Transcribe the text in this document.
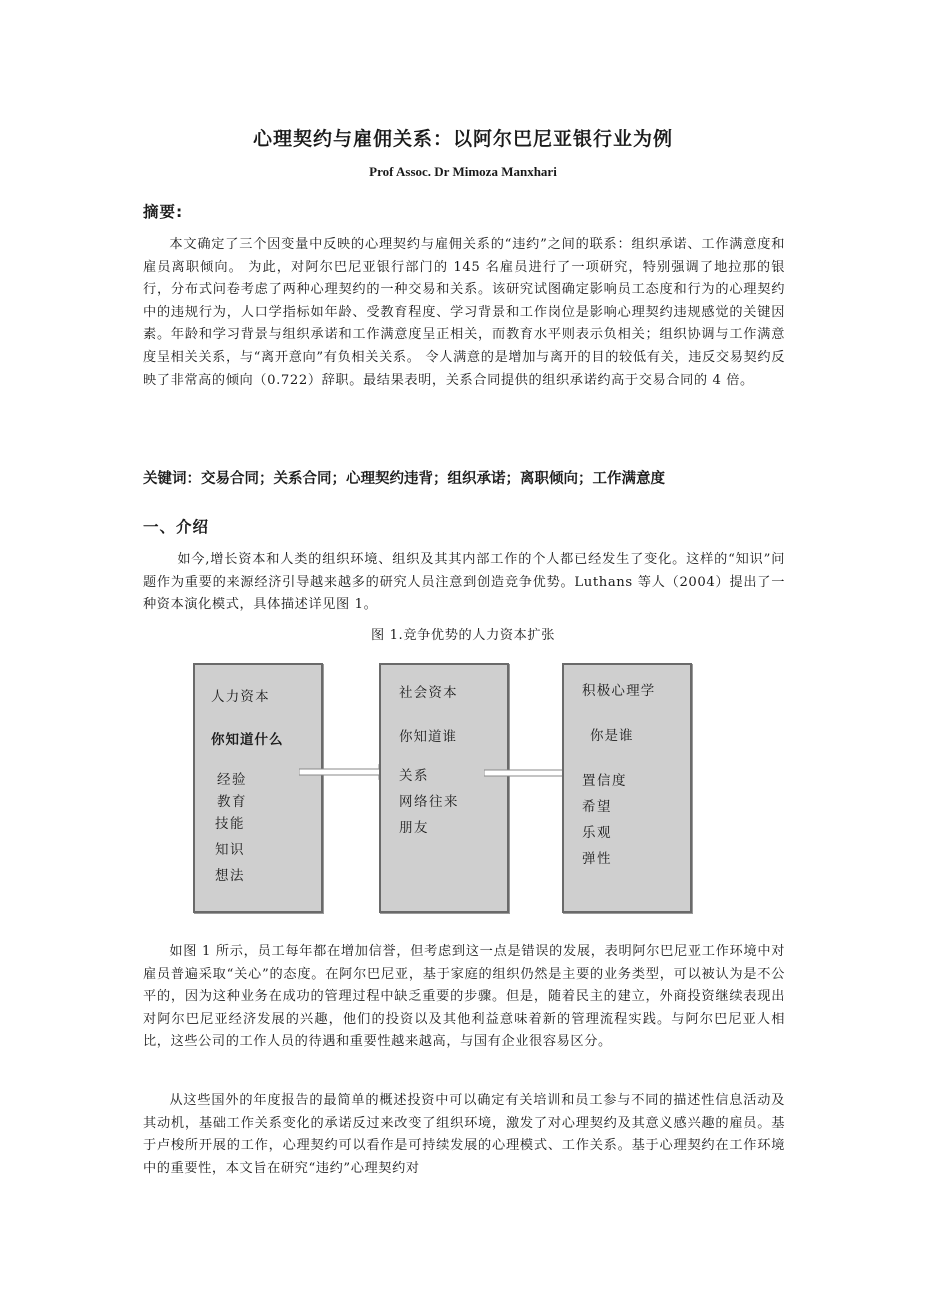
心理契约与雇佣关系：以阿尔巴尼亚银行业为例
Prof Assoc. Dr Mimoza Manxhari
摘要:

本文确定了三个因变量中反映的心理契约与雇佣关系的“违约”之间的联系：组织承诺、工作满意度和雇员离职倾向。 为此，对阿尔巴尼亚银行部门的 145 名雇员进行了一项研究，特别强调了地拉那的银行，分布式问卷考虑了两种心理契约的一种交易和关系。该研究试图确定影响员工态度和行为的心理契约中的违规行为，人口学指标如年龄、受教育程度、学习背景和工作岗位是影响心理契约违规感觉的关键因素。年龄和学习背景与组织承诺和工作满意度呈正相关，而教育水平则表示负相关；组织协调与工作满意度呈相关关系，与“离开意向”有负相关关系。 令人满意的是增加与离开的目的较低有关，违反交易契约反映了非常高的倾向（0.722）辞职。最结果表明，关系合同提供的组织承诺约高于交易合同的 4 倍。

关键词：交易合同；关系合同；心理契约违背；组织承诺；离职倾向；工作满意度
一、介绍

如今,增长资本和人类的组织环境、组织及其其内部工作的个人都已经发生了变化。这样的“知识”问题作为重要的来源经济引导越来越多的研究人员注意到创造竞争优势。Luthans 等人（2004）提出了一种资本演化模式，具体描述详见图 1。

图 1.竞争优势的人力资本扩张
人力资本
你知道什么
经验
教育
技能
知识
想法
社会资本
你知道谁
关系
网络往来
朋友
积极心理学
你是谁
置信度
希望
乐观
弹性

如图 1 所示，员工每年都在增加信誉，但考虑到这一点是错误的发展，表明阿尔巴尼亚工作环境中对雇员普遍采取“关心”的态度。在阿尔巴尼亚，基于家庭的组织仍然是主要的业务类型，可以被认为是不公平的，因为这种业务在成功的管理过程中缺乏重要的步骤。但是，随着民主的建立，外商投资继续表现出对阿尔巴尼亚经济发展的兴趣，他们的投资以及其他利益意味着新的管理流程实践。与阿尔巴尼亚人相比，这些公司的工作人员的待遇和重要性越来越高，与国有企业很容易区分。

从这些国外的年度报告的最简单的概述投资中可以确定有关培训和员工参与不同的描述性信息活动及其动机，基础工作关系变化的承诺反过来改变了组织环境，激发了对心理契约及其意义感兴趣的雇员。基于卢梭所开展的工作，心理契约可以看作是可持续发展的心理模式、工作关系。基于心理契约在工作环境中的重要性，本文旨在研究“违约”心理契约对
